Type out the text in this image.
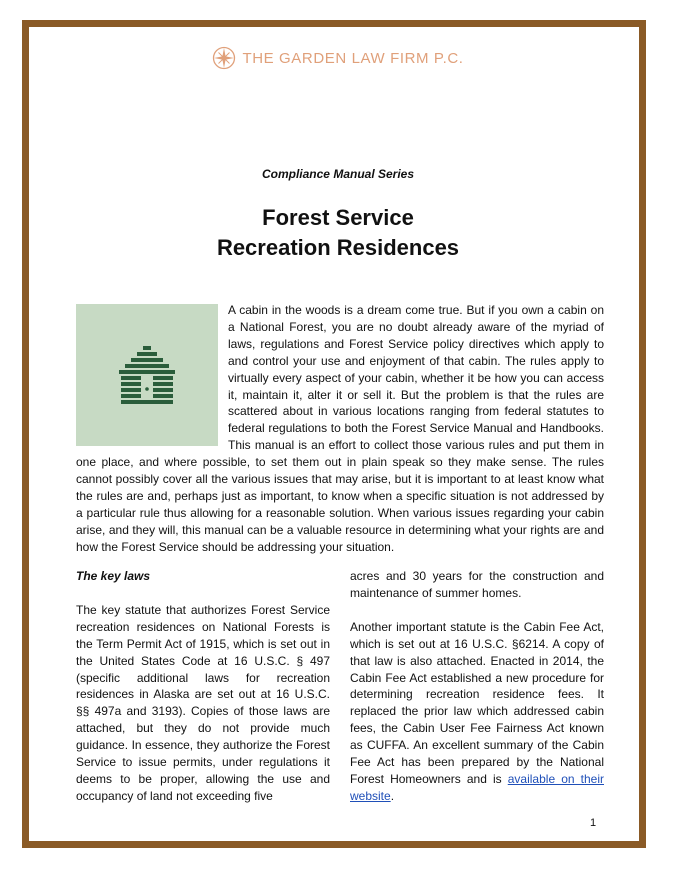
THE GARDEN LAW FIRM P.C.
Compliance Manual Series
Forest Service
Recreation Residences
A cabin in the woods is a dream come true. But if you own a cabin on a National Forest, you are no doubt already aware of the myriad of laws, regulations and Forest Service policy directives which apply to and control your use and enjoyment of that cabin. The rules apply to virtually every aspect of your cabin, whether it be how you can access it, maintain it, alter it or sell it. But the problem is that the rules are scattered about in various locations ranging from federal statutes to federal regulations to both the Forest Service Manual and Handbooks. This manual is an effort to collect those various rules and put them in one place, and where possible, to set them out in plain speak so they make sense. The rules cannot possibly cover all the various issues that may arise, but it is important to at least know what the rules are and, perhaps just as important, to know when a specific situation is not addressed by a particular rule thus allowing for a reasonable solution. When various issues regarding your cabin arise, and they will, this manual can be a valuable resource in determining what your rights are and how the Forest Service should be addressing your situation.

The key laws

The key statute that authorizes Forest Service recreation residences on National Forests is the Term Permit Act of 1915, which is set out in the United States Code at 16 U.S.C. § 497 (specific additional laws for recreation residences in Alaska are set out at 16 U.S.C. §§ 497a and 3193). Copies of those laws are attached, but they do not provide much guidance. In essence, they authorize the Forest Service to issue permits, under regulations it deems to be proper, allowing the use and occupancy of land not exceeding five

acres and 30 years for the construction and maintenance of summer homes.

Another important statute is the Cabin Fee Act, which is set out at 16 U.S.C. §6214. A copy of that law is also attached. Enacted in 2014, the Cabin Fee Act established a new procedure for determining recreation residence fees. It replaced the prior law which addressed cabin fees, the Cabin User Fee Fairness Act known as CUFFA. An excellent summary of the Cabin Fee Act has been prepared by the National Forest Homeowners and is available on their website.

1
